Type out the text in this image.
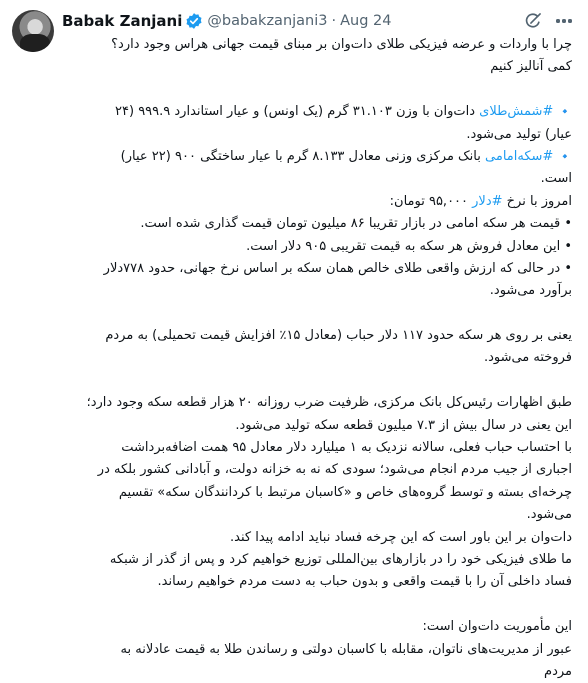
Babak Zanjani @babakzanjani3 · Aug 24
چرا با واردات و عرضه فیزیکی طلای دات‌وان بر مبنای قیمت جهانی هراس وجود دارد؟
کمی آنالیز کنیم
🔹#شمش‌طلای دات‌وان با وزن ۳۱.۱۰۳ گرم (یک اونس) و عیار استاندارد ۹۹۹.۹ (۲۴
عیار) تولید می‌شود.
🔹#سکه‌امامی بانک مرکزی وزنی معادل ۸.۱۳۳ گرم با عیار ساختگی ۹۰۰ (۲۲ عیار)
است.
امروز با نرخ #دلار ۹۵,۰۰۰ تومان:
• قیمت هر سکه امامی در بازار تقریبا ۸۶ میلیون تومان قیمت گذاری شده است.
• این معادل فروش هر سکه به قیمت تقریبی ۹۰۵ دلار است.
• در حالی که ارزش واقعی طلای خالص همان سکه بر اساس نرخ جهانی، حدود ۷۷۸دلار
برآورد می‌شود.
یعنی بر روی هر سکه حدود ۱۱۷ دلار حباب (معادل ۱۵٪ افزایش قیمت تحمیلی) به مردم
فروخته می‌شود.
طبق اظهارات رئیس‌کل بانک مرکزی، ظرفیت ضرب روزانه ۲۰ هزار قطعه سکه وجود دارد؛
این یعنی در سال بیش از ۷.۳ میلیون قطعه سکه تولید می‌شود.
با احتساب حباب فعلی، سالانه نزدیک به ۱ میلیارد دلار معادل ۹۵ همت اضافه‌برداشت
اجباری از جیب مردم انجام می‌شود؛ سودی که نه به خزانه دولت، و آبادانی کشور بلکه در
چرخه‌ای بسته و توسط گروه‌های خاص و «کاسبان مرتبط با کردانندگان سکه» تقسیم
می‌شود.
دات‌وان بر این باور است که این چرخه فساد نباید ادامه پیدا کند.
ما طلای فیزیکی خود را در بازارهای بین‌المللی توزیع خواهیم کرد و پس از گذر از شبکه
فساد داخلی آن را با قیمت واقعی و بدون حباب به دست مردم خواهیم رساند.
این مأموریت دات‌وان است:
عبور از مدیریت‌های ناتوان، مقابله با کاسبان دولتی و رساندن طلا به قیمت عادلانه به
مردم
